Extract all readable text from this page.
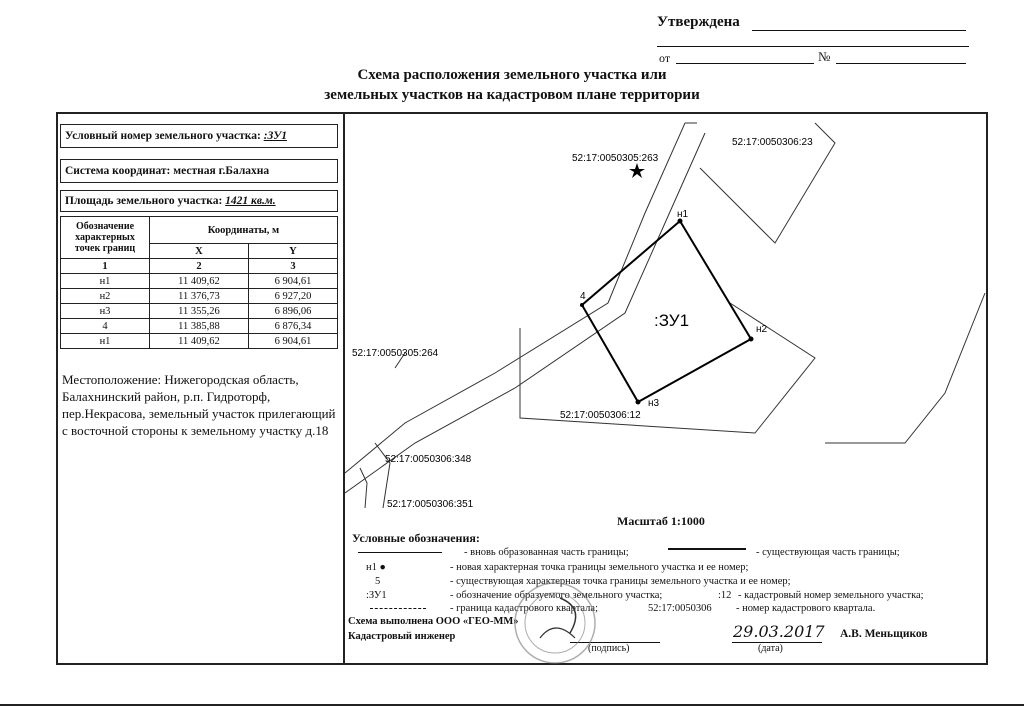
Утверждена
от	№
Схема расположения земельного участка или
земельных участков на кадастровом плане территории
Условный номер земельного участка: :ЗУ1
Система координат: местная г.Балахна
Площадь земельного участка: 1421 кв.м.
Обозначение характерных точек границ	Координаты, м	
	X	Y
1	2	3
н1	11 409,62	6 904,61
н2	11 376,73	6 927,20
н3	11 355,26	6 896,06
4	11 385,88	6 876,34
н1	11 409,62	6 904,61
Местоположение: Нижегородская область, Балахнинский район, р.п. Гидроторф, пер.Некрасова, земельный участок прилегающий с восточной стороны к земельному участку д.18
:ЗУ1
н1
н2
н3
4
52:17:0050305:263
52:17:0050306:23
52:17:0050305:264
52:17:0050306:12
52:17:0050306:348
52:17:0050306:351
Масштаб 1:1000
Условные обозначения:
- вновь образованная часть границы;	- существующая часть границы;
н1 ●	- новая характерная точка границы земельного участка и ее номер;
5	- существующая характерная точка границы земельного участка и ее номер;
:ЗУ1	- обозначение образуемого земельного участка;	:12 - кадастровый номер земельного участка;
- граница кадастрового квартала;	52:17:0050306 - номер кадастрового квартала.
Схема выполнена ООО «ГЕО-ММ»
Кадастровый инженер
(подпись)
29.03.2017
(дата)
А.В. Меньщиков
